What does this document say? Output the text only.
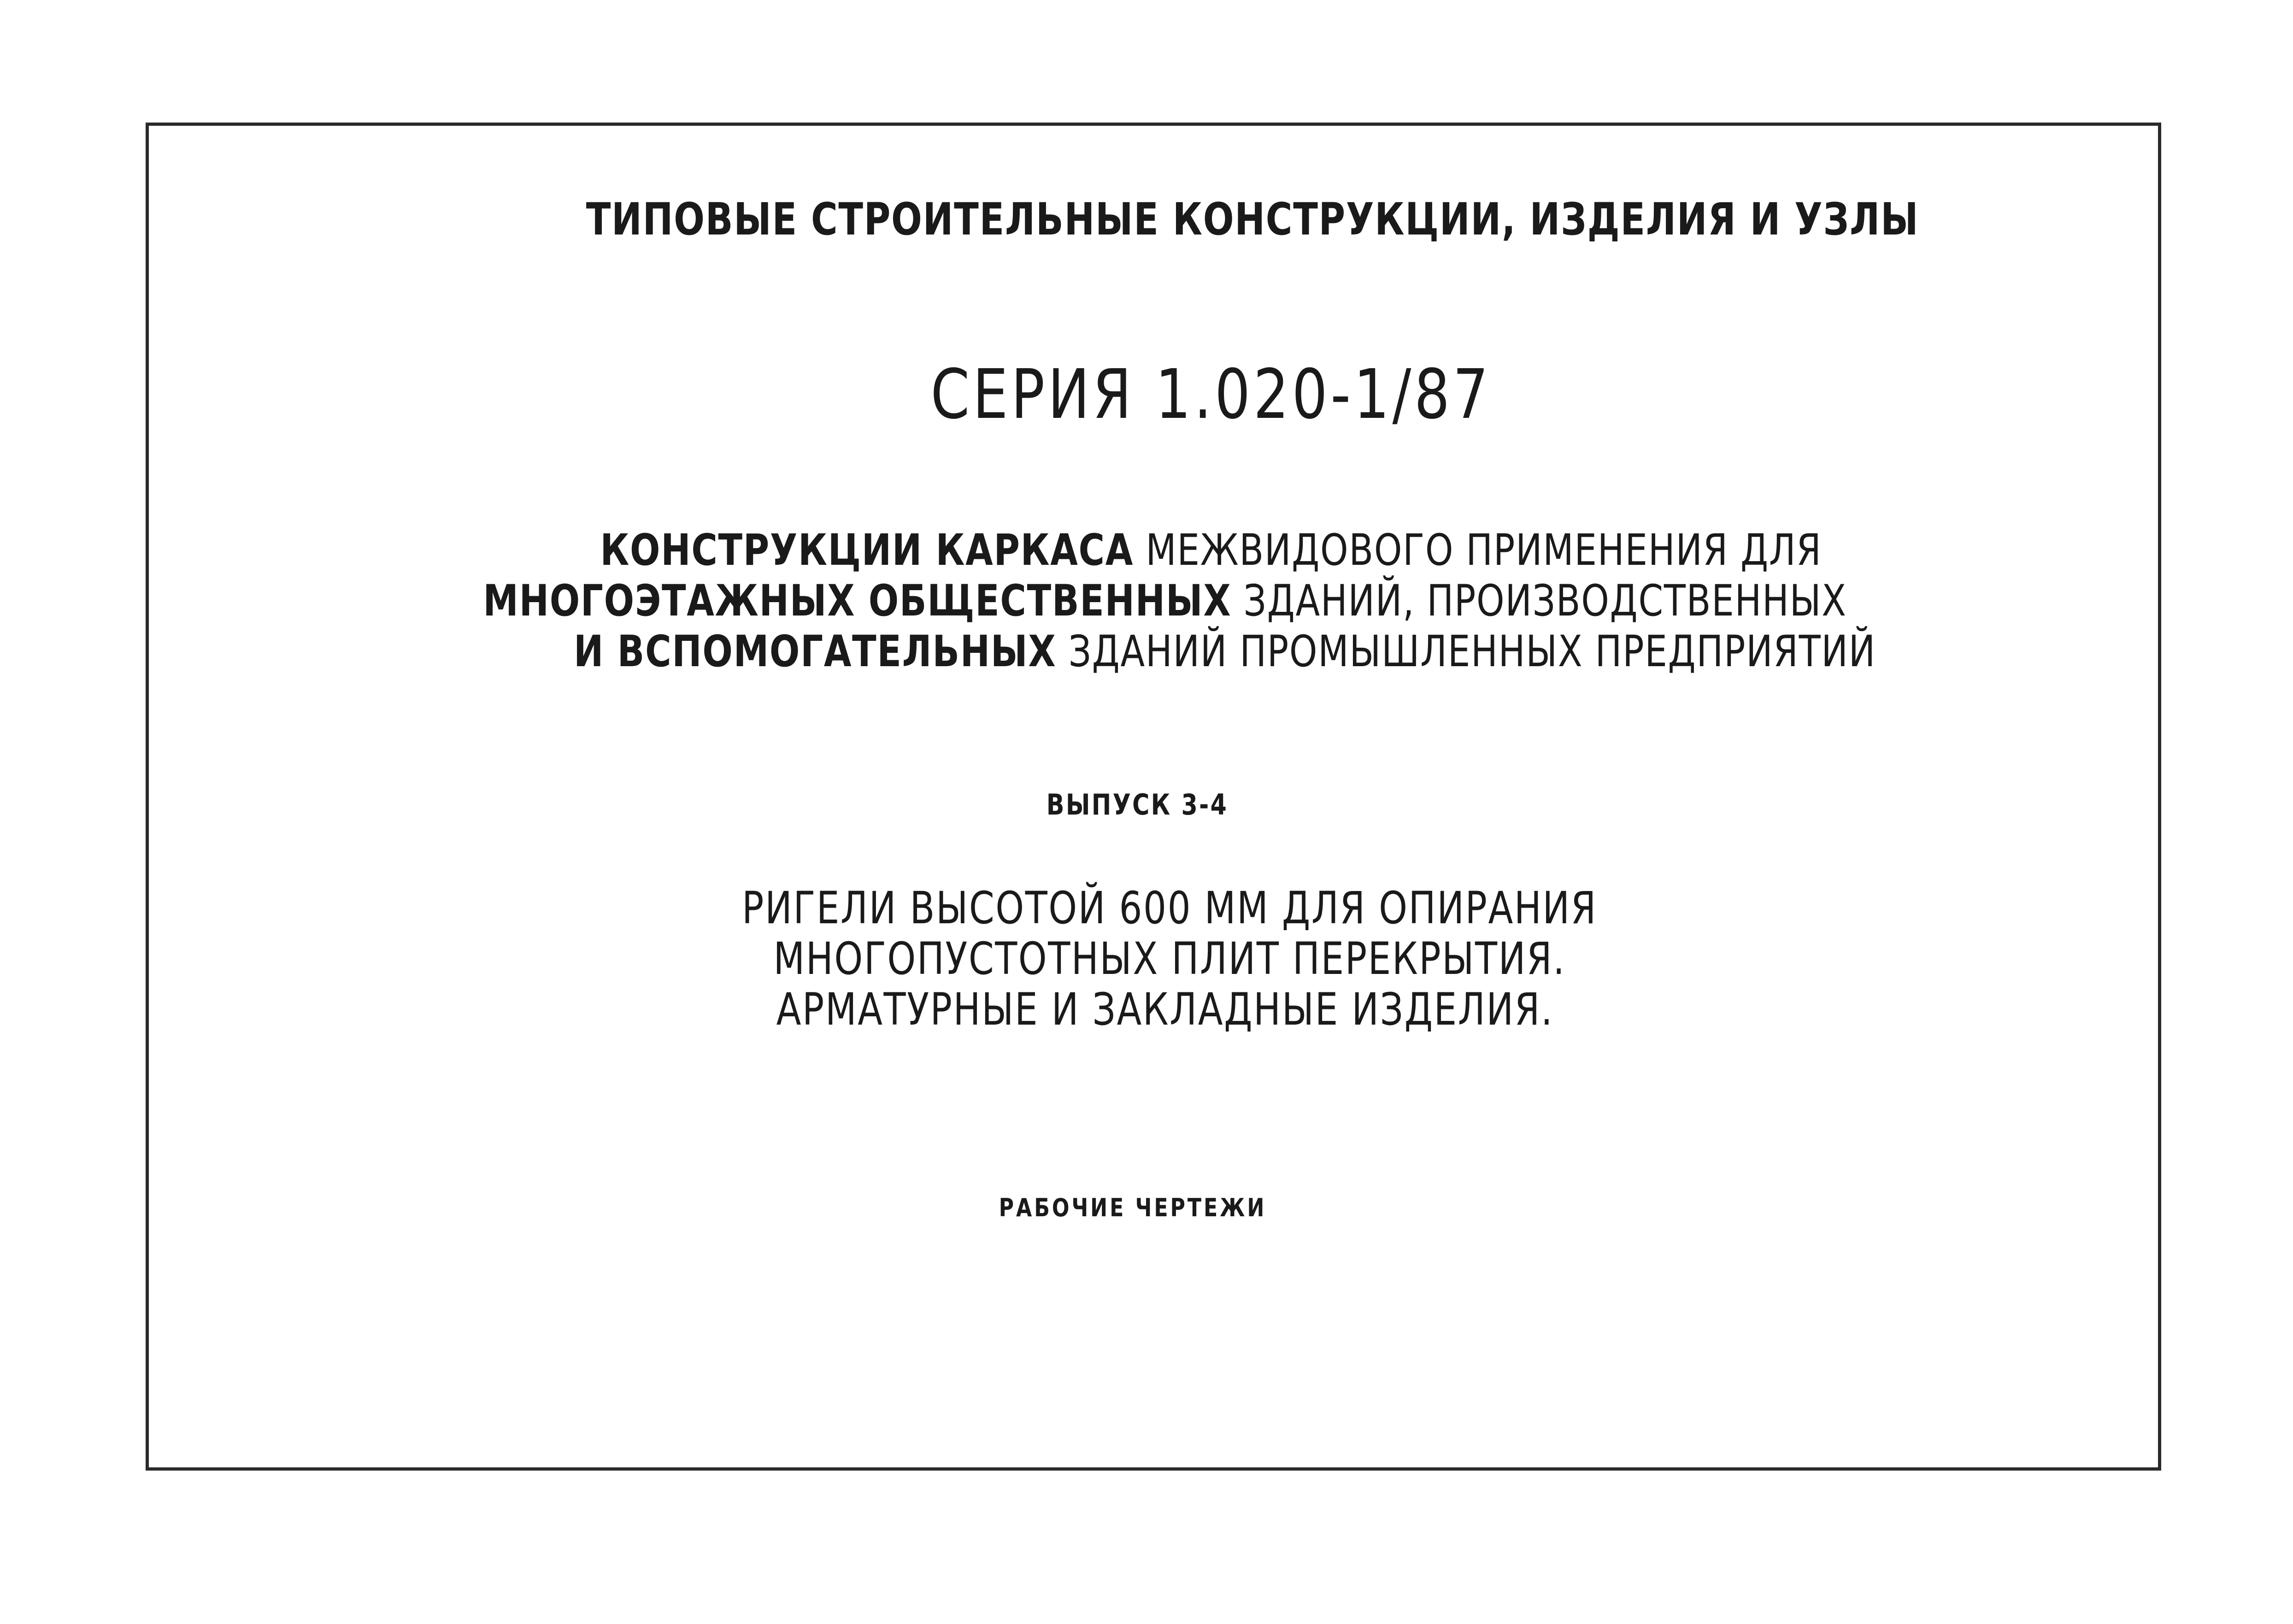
ТИПОВЫЕ СТРОИТЕЛЬНЫЕ КОНСТРУКЦИИ, ИЗДЕЛИЯ И УЗЛЫ
СЕРИЯ 1.020-1/87
КОНСТРУКЦИИ КАРКАСА МЕЖВИДОВОГО ПРИМЕНЕНИЯ ДЛЯ
МНОГОЭТАЖНЫХ ОБЩЕСТВЕННЫХ ЗДАНИЙ, ПРОИЗВОДСТВЕННЫХ
И ВСПОМОГАТЕЛЬНЫХ ЗДАНИЙ ПРОМЫШЛЕННЫХ ПРЕДПРИЯТИЙ
ВЫПУСК 3-4
РИГЕЛИ ВЫСОТОЙ 600 ММ ДЛЯ ОПИРАНИЯ
МНОГОПУСТОТНЫХ ПЛИТ ПЕРЕКРЫТИЯ.
АРМАТУРНЫЕ И ЗАКЛАДНЫЕ ИЗДЕЛИЯ.
РАБОЧИЕ ЧЕРТЕЖИ
